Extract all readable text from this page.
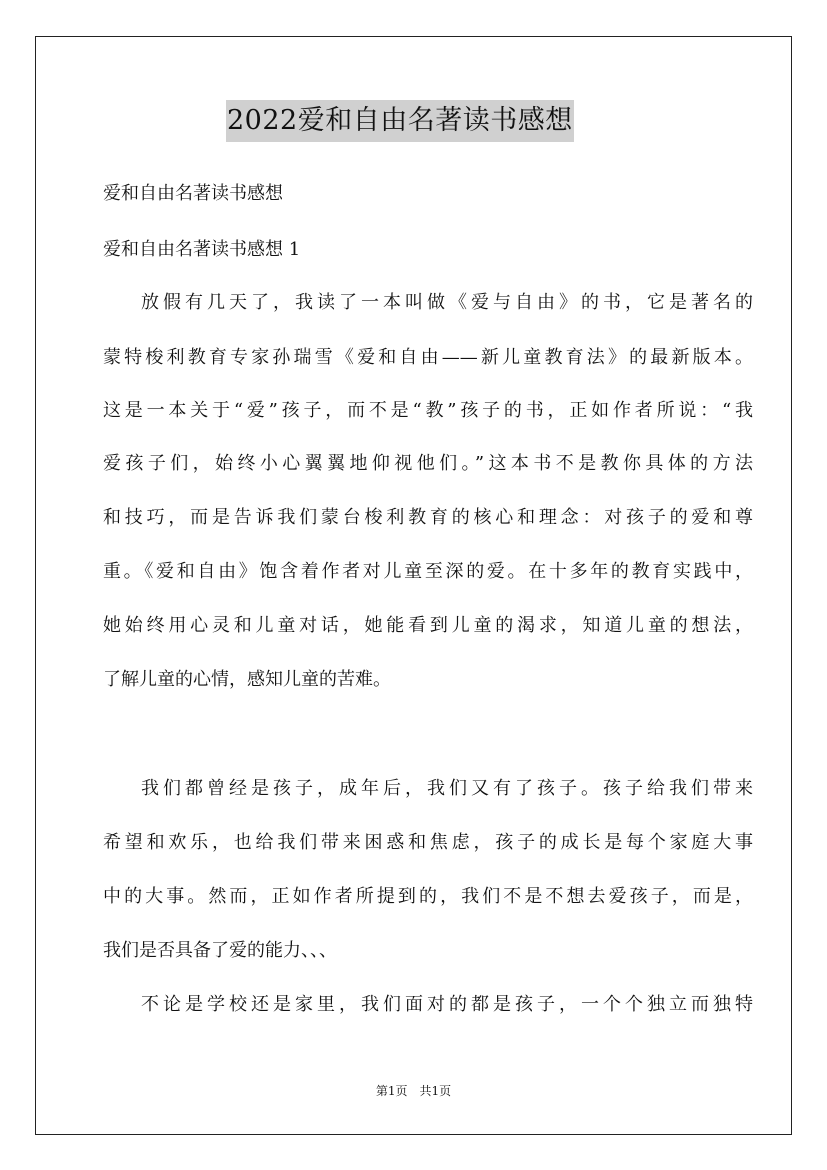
2022爱和自由名著读书感想
爱和自由名著读书感想
爱和自由名著读书感想 1
放假有几天了，我读了一本叫做《爱与自由》的书，它是著名的
蒙特梭利教育专家孙瑞雪《爱和自由——新儿童教育法》的最新版本。
这是一本关于“爱”孩子，而不是“教”孩子的书，正如作者所说：“我
爱孩子们，始终小心翼翼地仰视他们。”这本书不是教你具体的方法
和技巧，而是告诉我们蒙台梭利教育的核心和理念：对孩子的爱和尊
重。《爱和自由》饱含着作者对儿童至深的爱。在十多年的教育实践中，
她始终用心灵和儿童对话，她能看到儿童的渴求，知道儿童的想法，
了解儿童的心情，感知儿童的苦难。
我们都曾经是孩子，成年后，我们又有了孩子。孩子给我们带来
希望和欢乐，也给我们带来困惑和焦虑，孩子的成长是每个家庭大事
中的大事。然而，正如作者所提到的，我们不是不想去爱孩子，而是，
我们是否具备了爱的能力、、、
不论是学校还是家里，我们面对的都是孩子，一个个独立而独特
第1页　共1页
